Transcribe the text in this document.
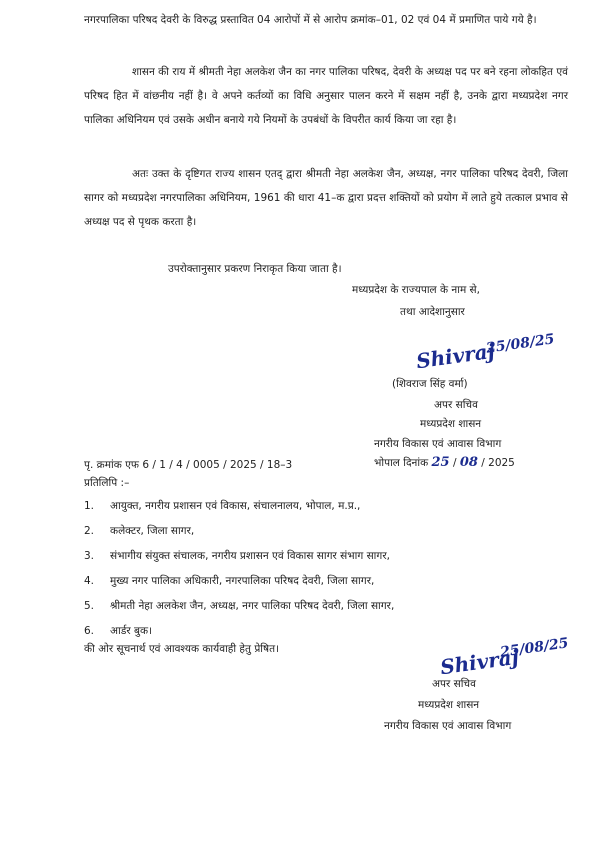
नगरपालिका परिषद देवरी के विरुद्ध प्रस्तावित 04 आरोपों में से आरोप क्रमांक–01, 02 एवं 04 में प्रमाणित पाये गये है।

शासन की राय में श्रीमती नेहा अलकेश जैन का नगर पालिका परिषद, देवरी के अध्यक्ष पद पर बने रहना लोकहित एवं परिषद हित में वांछनीय नहीं है। वे अपने कर्तव्यों का विधि अनुसार पालन करने में सक्षम नहीं है, उनके द्वारा मध्यप्रदेश नगर पालिका अधिनियम एवं उसके अधीन बनाये गये नियमों के उपबंधों के विपरीत कार्य किया जा रहा है।

अतः उक्त के दृष्टिगत राज्य शासन एतद् द्वारा श्रीमती नेहा अलकेश जैन, अध्यक्ष, नगर पालिका परिषद देवरी, जिला सागर को मध्यप्रदेश नगरपालिका अधिनियम, 1961 की धारा 41–क द्वारा प्रदत्त शक्तियों को प्रयोग में लाते हुये तत्काल प्रभाव से अध्यक्ष पद से पृथक करता है।

उपरोक्तानुसार प्रकरण निराकृत किया जाता है।
मध्यप्रदेश के राज्यपाल के नाम से,
तथा आदेशानुसार
Shivraj
25/08/25
(शिवराज सिंह वर्मा)
अपर सचिव
मध्यप्रदेश शासन
नगरीय विकास एवं आवास विभाग
पृ. क्रमांक एफ 6 / 1 / 4 / 0005 / 2025 / 18–3	भोपाल दिनांक 25 / 08 / 2025
प्रतिलिपि :–
1. आयुक्त, नगरीय प्रशासन एवं विकास, संचालनालय, भोपाल, म.प्र.,
2. कलेक्टर, जिला सागर,
3. संभागीय संयुक्त संचालक, नगरीय प्रशासन एवं विकास सागर संभाग सागर,
4. मुख्य नगर पालिका अधिकारी, नगरपालिका परिषद देवरी, जिला सागर,
5. श्रीमती नेहा अलकेश जैन, अध्यक्ष, नगर पालिका परिषद देवरी, जिला सागर,
6. आर्डर बुक।
की ओर सूचनार्थ एवं आवश्यक कार्यवाही हेतु प्रेषित।	Shivraj
25/08/25
अपर सचिव
मध्यप्रदेश शासन
नगरीय विकास एवं आवास विभाग
